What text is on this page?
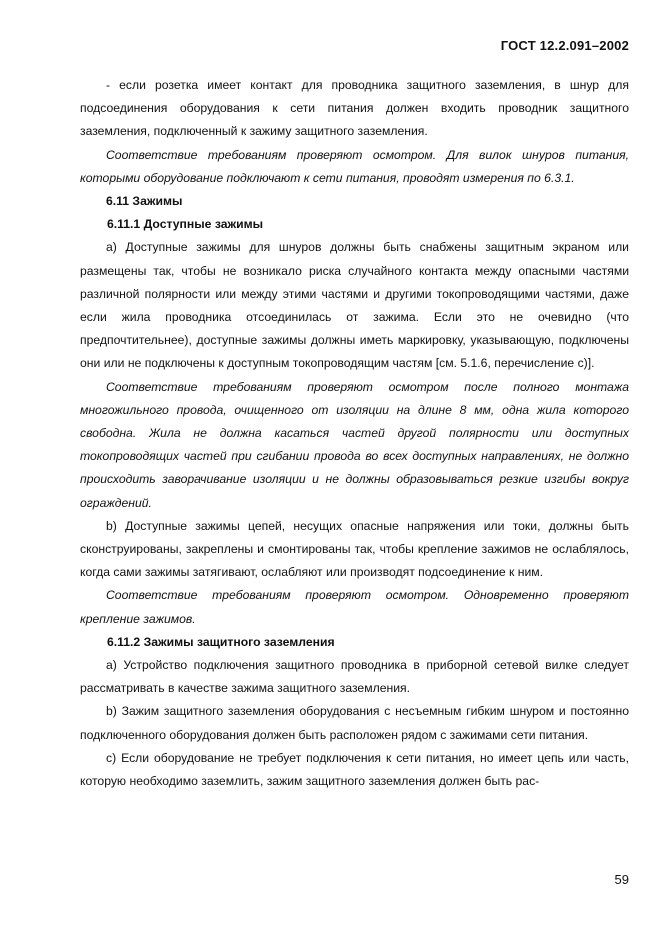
ГОСТ 12.2.091–2002

- если розетка имеет контакт для проводника защитного заземления, в шнур для подсоединения оборудования к сети питания должен входить проводник защитного заземления, подключенный к зажиму защитного заземления.

Соответствие требованиям проверяют осмотром. Для вилок шнуров питания, которыми оборудование подключают к сети питания, проводят измерения по 6.3.1.

6.11 Зажимы

6.11.1 Доступные зажимы

a) Доступные зажимы для шнуров должны быть снабжены защитным экраном или размещены так, чтобы не возникало риска случайного контакта между опасными частями различной полярности или между этими частями и другими токопроводящими частями, даже если жила проводника отсоединилась от зажима. Если это не очевидно (что предпочтительнее), доступные зажимы должны иметь маркировку, указывающую, подключены они или не подключены к доступным токопроводящим частям [см. 5.1.6, перечисление с)].

Соответствие требованиям проверяют осмотром после полного монтажа многожильного провода, очищенного от изоляции на длине 8 мм, одна жила которого свободна. Жила не должна касаться частей другой полярности или доступных токопроводящих частей при сгибании провода во всех доступных направлениях, не должно происходить заворачивание изоляции и не должны образовываться резкие изгибы вокруг ограждений.

b) Доступные зажимы цепей, несущих опасные напряжения или токи, должны быть сконструированы, закреплены и смонтированы так, чтобы крепление зажимов не ослаблялось, когда сами зажимы затягивают, ослабляют или производят подсоединение к ним.

Соответствие требованиям проверяют осмотром. Одновременно проверяют крепление зажимов.

6.11.2 Зажимы защитного заземления

a) Устройство подключения защитного проводника в приборной сетевой вилке следует рассматривать в качестве зажима защитного заземления.

b) Зажим защитного заземления оборудования с несъемным гибким шнуром и постоянно подключенного оборудования должен быть расположен рядом с зажимами сети питания.

c) Если оборудование не требует подключения к сети питания, но имеет цепь или часть, которую необходимо заземлить, зажим защитного заземления должен быть рас-

59
